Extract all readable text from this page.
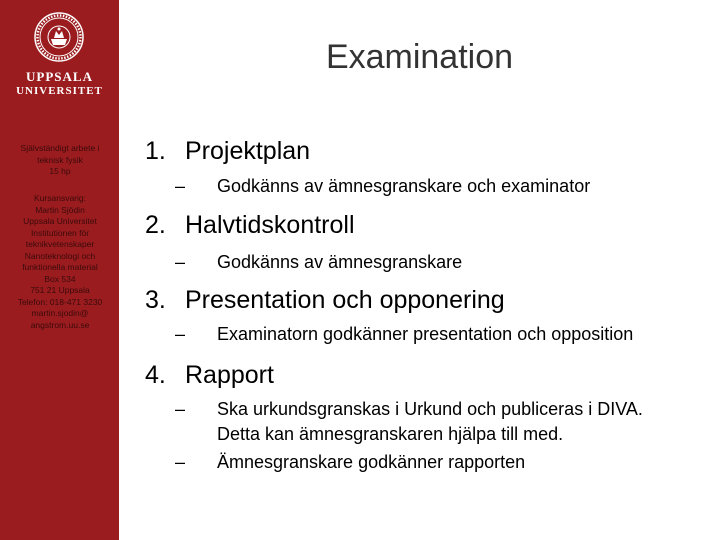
UPPSALA
UNIVERSITET
Självständigt arbete i
teknisk fysik
15 hp
Kursansvarig:
Martin Sjödin
Uppsala Universitet
Institutionen för
teknikvetenskaper
Nanoteknologi och
funktionella material
Box 534
751 21 Uppsala
Telefon: 018-471 3230
martin.sjodin@
angstrom.uu.se
Examination
1. Projektplan
– Godkänns av ämnesgranskare och examinator
2. Halvtidskontroll
– Godkänns av ämnesgranskare
3. Presentation och opponering
– Examinatorn godkänner presentation och opposition
4. Rapport
– Ska urkundsgranskas i Urkund och publiceras i DIVA. Detta kan ämnesgranskaren hjälpa till med.
– Ämnesgranskare godkänner rapporten
